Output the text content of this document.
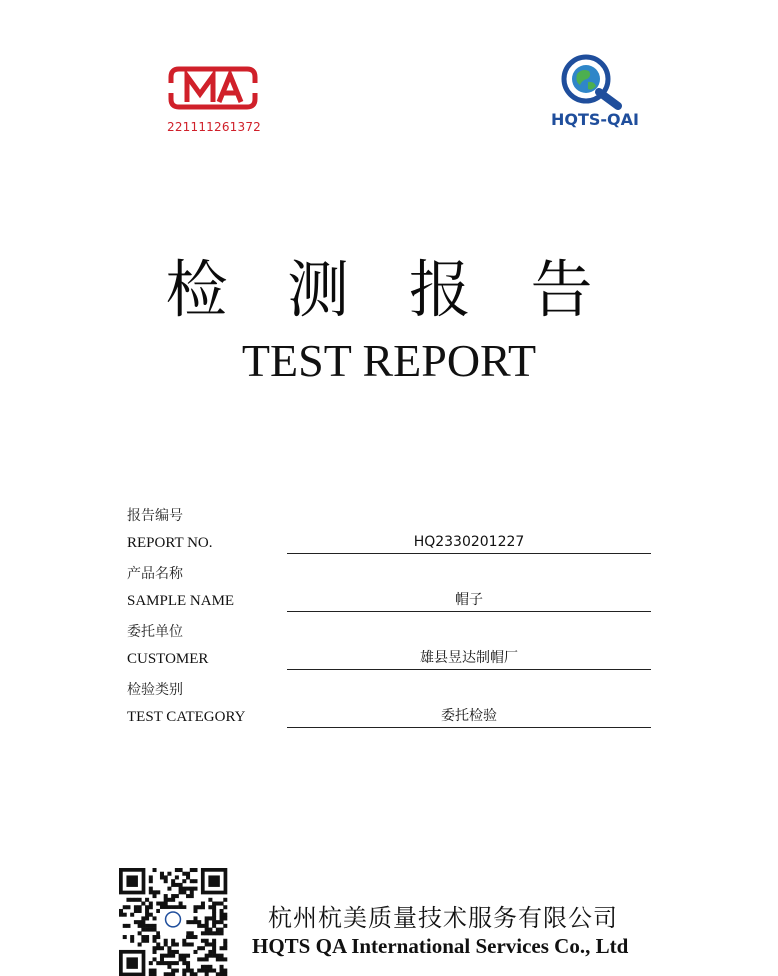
221111261372	HQTS-QAI
检 测 报 告
TEST REPORT
报告编号
REPORT NO.	HQ2330201227
产品名称
SAMPLE NAME	帽子
委托单位
CUSTOMER	雄县昱达制帽厂
检验类别
TEST CATEGORY	委托检验
杭州杭美质量技术服务有限公司
HQTS QA International Services Co., Ltd
